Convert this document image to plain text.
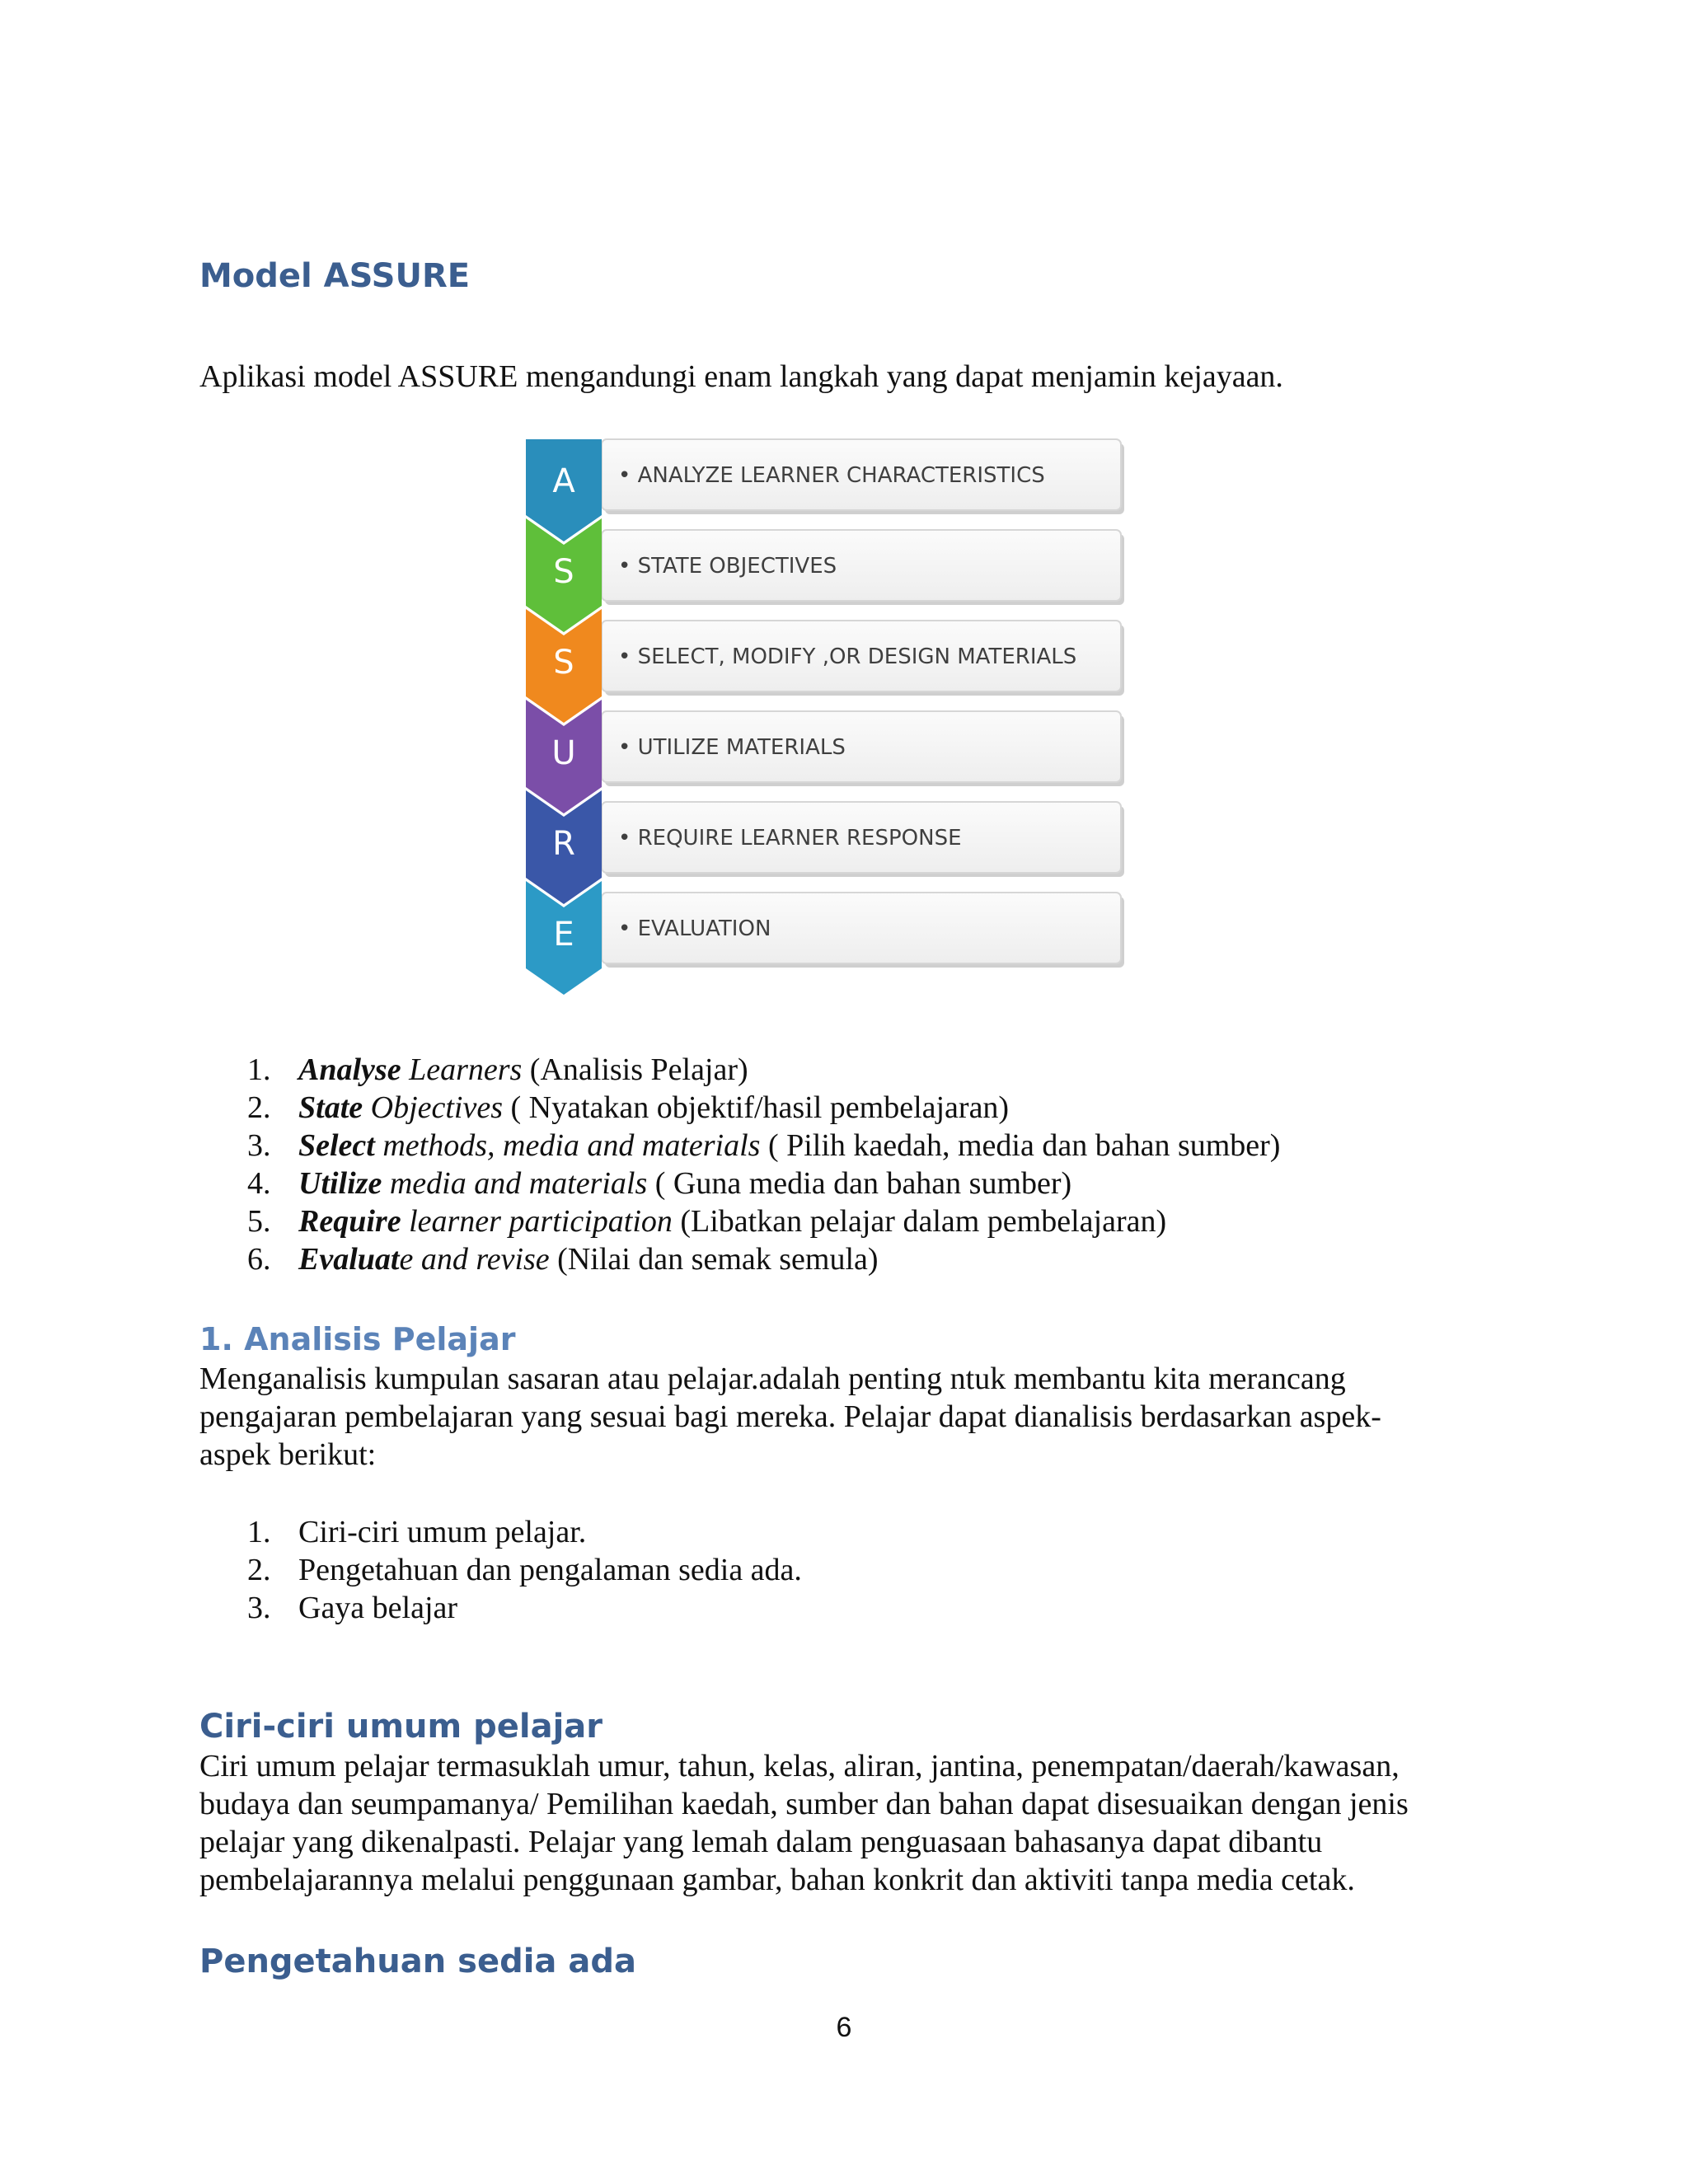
Model ASSURE

Aplikasi model ASSURE mengandungi enam langkah yang dapat menjamin kejayaan.

A • ANALYZE LEARNER CHARACTERISTICS
S • STATE OBJECTIVES
S • SELECT, MODIFY ,OR DESIGN MATERIALS
U • UTILIZE MATERIALS
R • REQUIRE LEARNER RESPONSE
E • EVALUATION
1. Analyse Learners (Analisis Pelajar)
2. State Objectives ( Nyatakan objektif/hasil pembelajaran)
3. Select methods, media and materials ( Pilih kaedah, media dan bahan sumber)
4. Utilize media and materials ( Guna media dan bahan sumber)
5. Require learner participation (Libatkan pelajar dalam pembelajaran)
6. Evaluate and revise (Nilai dan semak semula)
1. Analisis Pelajar

Menganalisis kumpulan sasaran atau pelajar.adalah penting ntuk membantu kita merancang
pengajaran pembelajaran yang sesuai bagi mereka. Pelajar dapat dianalisis berdasarkan aspek-
aspek berikut:

1. Ciri-ciri umum pelajar.
2. Pengetahuan dan pengalaman sedia ada.
3. Gaya belajar
Ciri-ciri umum pelajar

Ciri umum pelajar termasuklah umur, tahun, kelas, aliran, jantina, penempatan/daerah/kawasan,
budaya dan seumpamanya/ Pemilihan kaedah, sumber dan bahan dapat disesuaikan dengan jenis
pelajar yang dikenalpasti. Pelajar yang lemah dalam penguasaan bahasanya dapat dibantu
pembelajarannya melalui penggunaan gambar, bahan konkrit dan aktiviti tanpa media cetak.

Pengetahuan sedia ada
6
